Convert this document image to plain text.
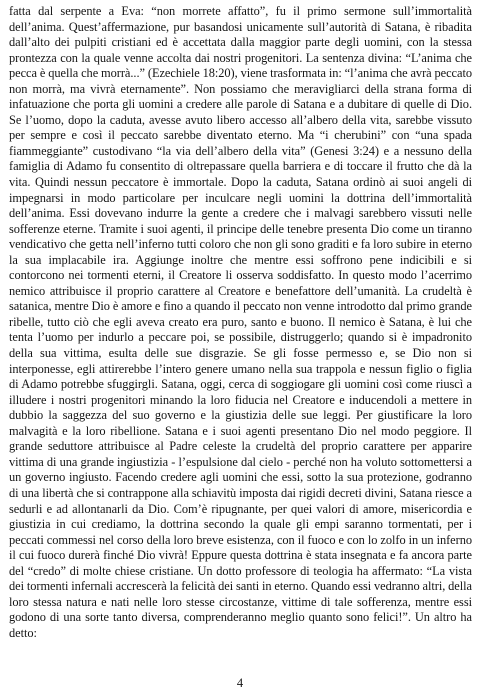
fatta dal serpente a Eva: “non morrete affatto”, fu il primo sermone sull’immortalità dell’anima. Quest’affermazione, pur basandosi unicamente sull’autorità di Satana, è ribadita dall’alto dei pulpiti cristiani ed è accettata dalla maggior parte degli uomini, con la stessa prontezza con la quale venne accolta dai nostri progenitori. La sentenza divina: “L’anima che pecca è quella che morrà...” (Ezechiele 18:20), viene trasformata in: “l’anima che avrà peccato non morrà, ma vivrà eternamente”. Non possiamo che meravigliarci della strana forma di infatuazione che porta gli uomini a credere alle parole di Satana e a dubitare di quelle di Dio. Se l’uomo, dopo la caduta, avesse avuto libero accesso all’albero della vita, sarebbe vissuto per sempre e così il peccato sarebbe diventato eterno. Ma “i cherubini” con “una spada fiammeggiante” custodivano “la via dell’albero della vita” (Genesi 3:24) e a nessuno della famiglia di Adamo fu consentito di oltrepassare quella barriera e di toccare il frutto che dà la vita. Quindi nessun peccatore è immortale. Dopo la caduta, Satana ordinò ai suoi angeli di impegnarsi in modo particolare per inculcare negli uomini la dottrina dell’immortalità dell’anima. Essi dovevano indurre la gente a credere che i malvagi sarebbero vissuti nelle sofferenze eterne. Tramite i suoi agenti, il principe delle tenebre presenta Dio come un tiranno vendicativo che getta nell’inferno tutti coloro che non gli sono graditi e fa loro subire in eterno la sua implacabile ira. Aggiunge inoltre che mentre essi soffrono pene indicibili e si contorcono nei tormenti eterni, il Creatore li osserva soddisfatto. In questo modo l’acerrimo nemico attribuisce il proprio carattere al Creatore e benefattore dell’umanità. La crudeltà è satanica, mentre Dio è amore e fino a quando il peccato non venne introdotto dal primo grande ribelle, tutto ciò che egli aveva creato era puro, santo e buono. Il nemico è Satana, è lui che tenta l’uomo per indurlo a peccare poi, se possibile, distruggerlo; quando si è impadronito della sua vittima, esulta delle sue disgrazie. Se gli fosse permesso e, se Dio non si interponesse, egli attirerebbe l’intero genere umano nella sua trappola e nessun figlio o figlia di Adamo potrebbe sfuggirgli. Satana, oggi, cerca di soggiogare gli uomini così come riuscì a illudere i nostri progenitori minando la loro fiducia nel Creatore e inducendoli a mettere in dubbio la saggezza del suo governo e la giustizia delle sue leggi. Per giustificare la loro malvagità e la loro ribellione. Satana e i suoi agenti presentano Dio nel modo peggiore. Il grande seduttore attribuisce al Padre celeste la crudeltà del proprio carattere per apparire vittima di una grande ingiustizia - l’espulsione dal cielo - perché non ha voluto sottomettersi a un governo ingiusto. Facendo credere agli uomini che essi, sotto la sua protezione, godranno di una libertà che si contrappone alla schiavitù imposta dai rigidi decreti divini, Satana riesce a sedurli e ad allontanarli da Dio. Com’è ripugnante, per quei valori di amore, misericordia e giustizia in cui crediamo, la dottrina secondo la quale gli empi saranno tormentati, per i peccati commessi nel corso della loro breve esistenza, con il fuoco e con lo zolfo in un inferno il cui fuoco durerà finché Dio vivrà! Eppure questa dottrina è stata insegnata e fa ancora parte del “credo” di molte chiese cristiane. Un dotto professore di teologia ha affermato: “La vista dei tormenti infernali accrescerà la felicità dei santi in eterno. Quando essi vedranno altri, della loro stessa natura e nati nelle loro stesse circostanze, vittime di tale sofferenza, mentre essi godono di una sorte tanto diversa, comprenderanno meglio quanto sono felici!”. Un altro ha detto:

4
